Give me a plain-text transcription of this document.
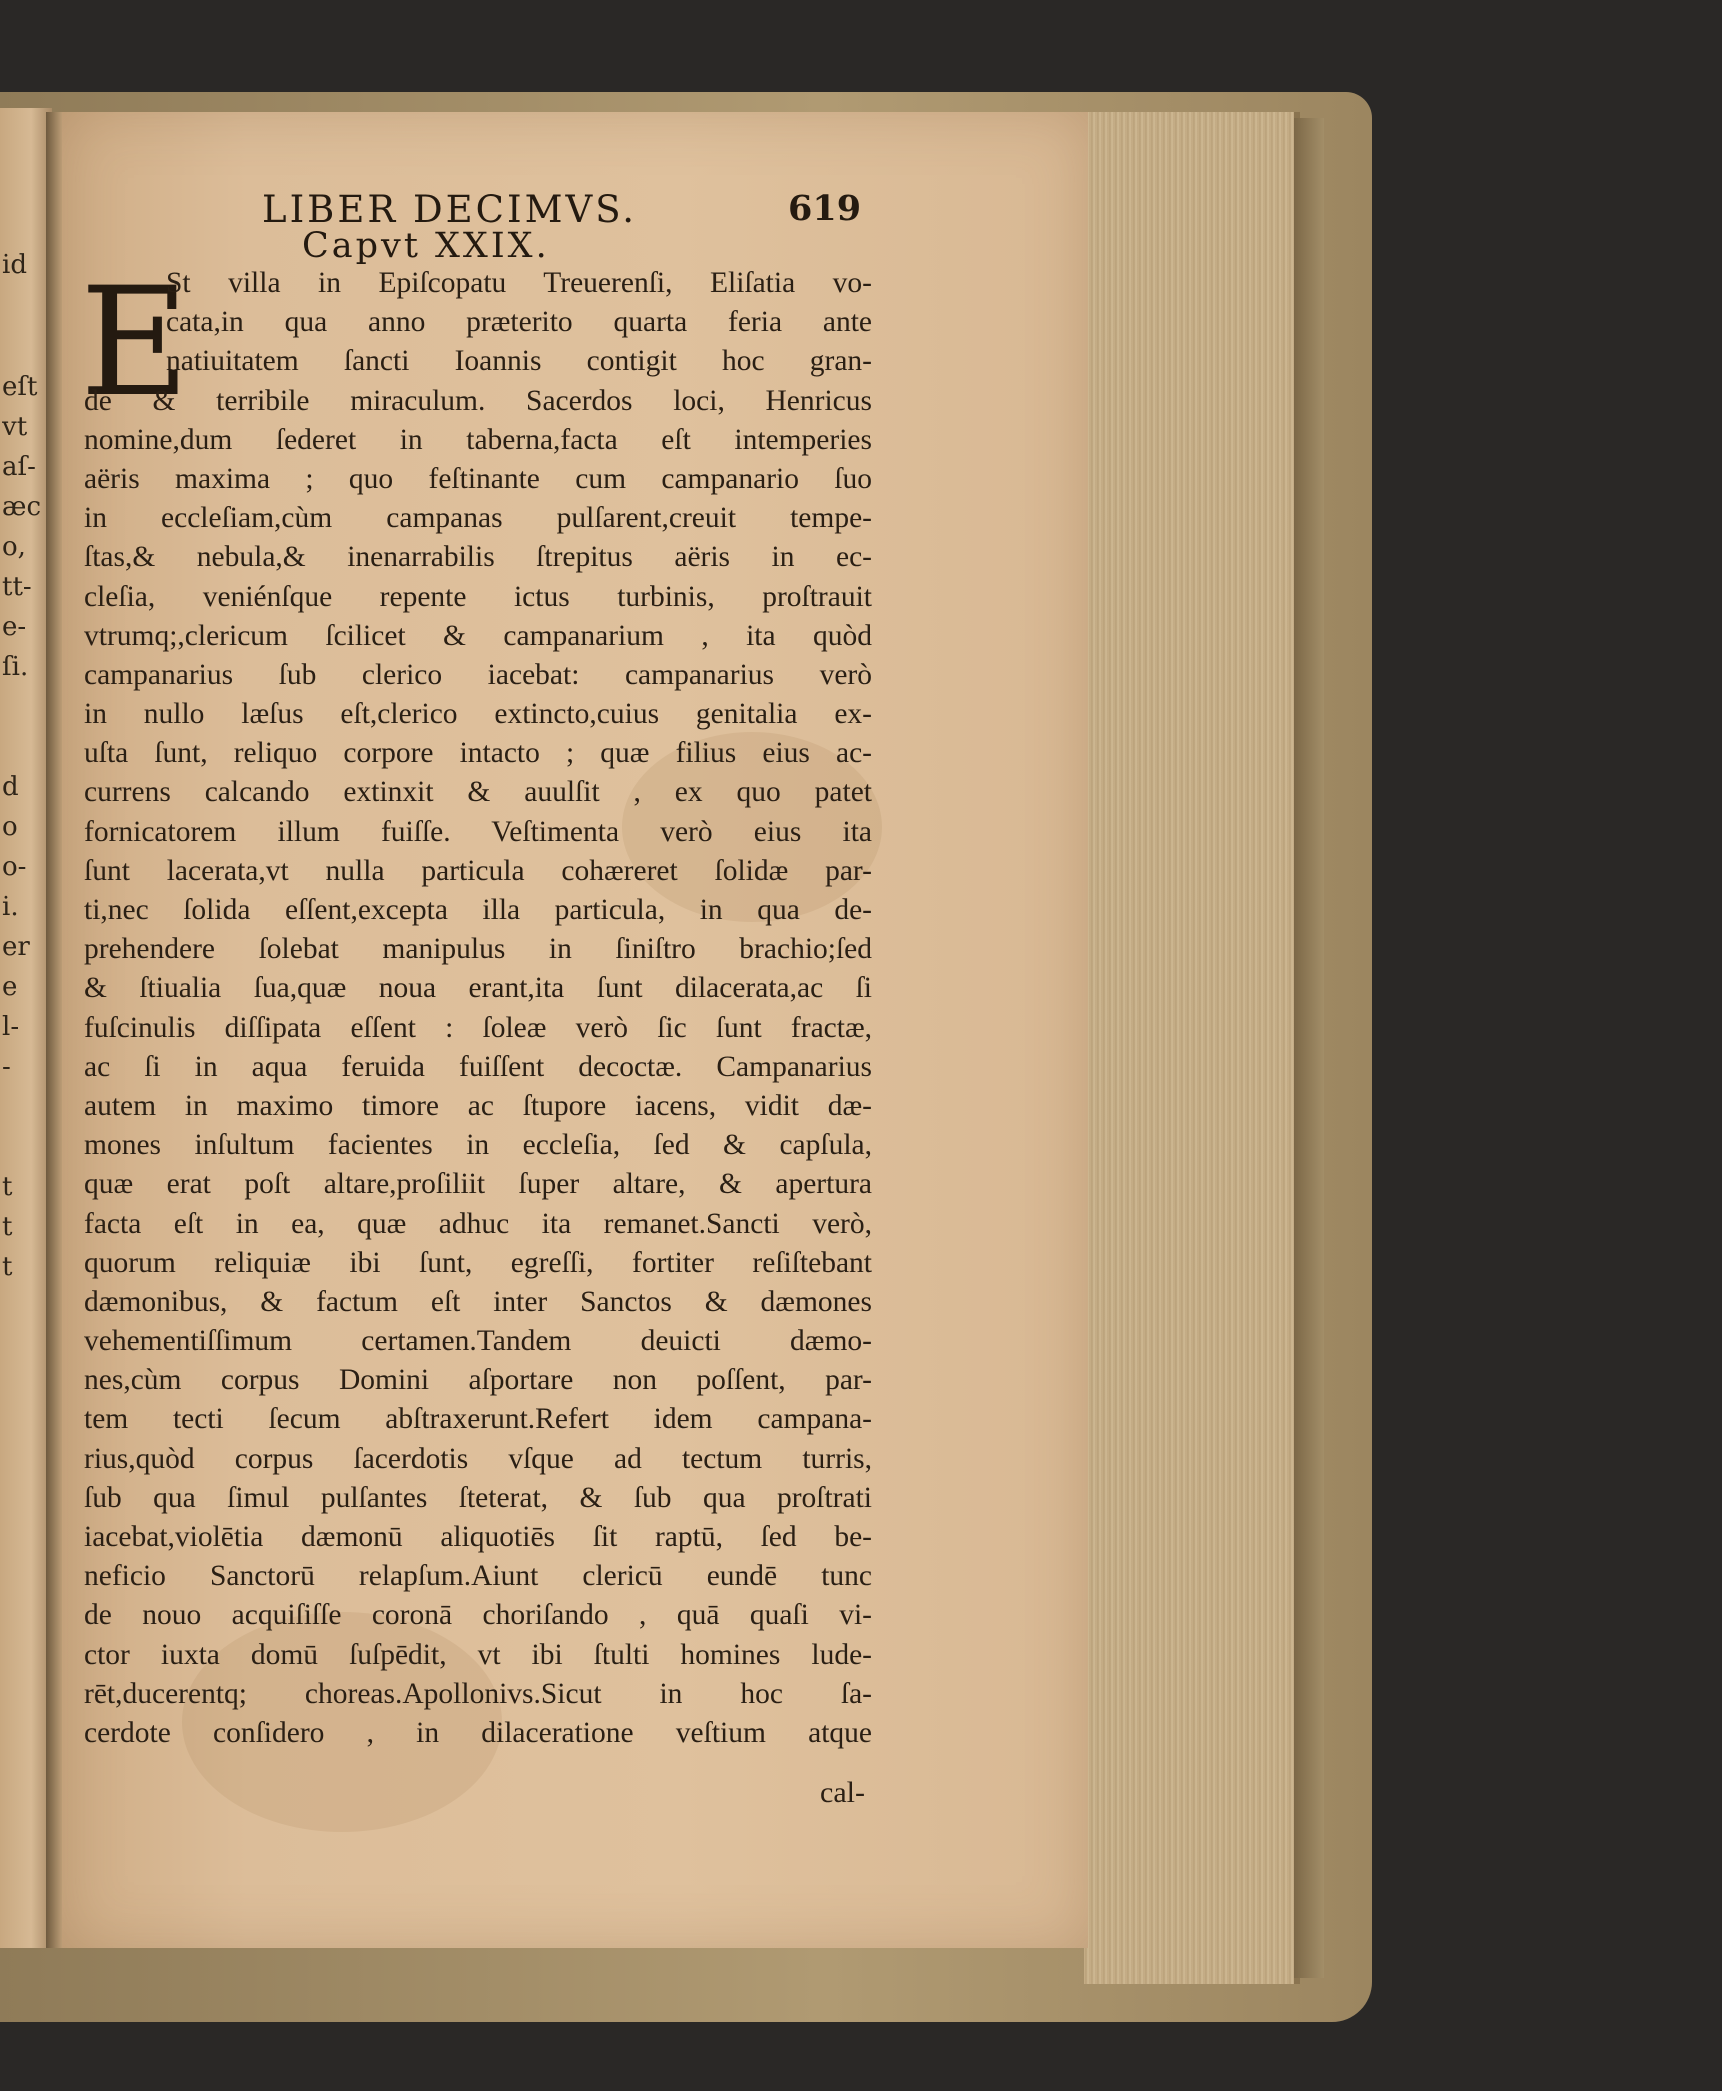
id
eſt
vt
aſ-
æc
o,
tt-
e-
ſi.
d
o
o-
i.
er
e
l-
-
t
t
t
LIBER DECIMVS.	619
Capvt XXIX.
E
St villa in Epiſcopatu Treuerenſi, Eliſatia vo-
cata,in qua anno præterito quarta feria ante
natiuitatem ſancti Ioannis contigit hoc gran-
de & terribile miraculum. Sacerdos loci, Henricus
nomine,dum ſederet in taberna,facta eſt intemperies
aëris maxima ; quo feſtinante cum campanario ſuo
in eccleſiam,cùm campanas pulſarent,creuit tempe-
ſtas,& nebula,& inenarrabilis ſtrepitus aëris in ec-
cleſia, veniénſque repente ictus turbinis, proſtrauit
vtrumq;,clericum ſcilicet & campanarium , ita quòd
campanarius ſub clerico iacebat: campanarius verò
in nullo læſus eſt,clerico extincto,cuius genitalia ex-
uſta ſunt, reliquo corpore intacto ; quæ filius eius ac-
currens calcando extinxit & auulſit , ex quo patet
fornicatorem illum fuiſſe. Veſtimenta verò eius ita
ſunt lacerata,vt nulla particula cohæreret ſolidæ par-
ti,nec ſolida eſſent,excepta illa particula, in qua de-
prehendere ſolebat manipulus in ſiniſtro brachio;ſed
& ſtiualia ſua,quæ noua erant,ita ſunt dilacerata,ac ſi
fuſcinulis diſſipata eſſent : ſoleæ verò ſic ſunt fractæ,
ac ſi in aqua feruida fuiſſent decoctæ. Campanarius
autem in maximo timore ac ſtupore iacens, vidit dæ-
mones inſultum facientes in eccleſia, ſed & capſula,
quæ erat poſt altare,proſiliit ſuper altare, & apertura
facta eſt in ea, quæ adhuc ita remanet.Sancti verò,
quorum reliquiæ ibi ſunt, egreſſi, fortiter reſiſtebant
dæmonibus, & factum eſt inter Sanctos & dæmones
vehementiſſimum certamen.Tandem deuicti dæmo-
nes,cùm corpus Domini aſportare non poſſent, par-
tem tecti ſecum abſtraxerunt.Refert idem campana-
rius,quòd corpus ſacerdotis vſque ad tectum turris,
ſub qua ſimul pulſantes ſteterat, & ſub qua proſtrati
iacebat,violētia dæmonū aliquotiēs ſit raptū, ſed be-
neficio Sanctorū relapſum.Aiunt clericū eundē tunc
de nouo acquiſiſſe coronā choriſando , quā quaſi vi-
ctor iuxta domū ſuſpēdit, vt ibi ſtulti homines lude-
rēt,ducerentq; choreas.Apollonivs.Sicut in hoc ſa-
cerdote conſidero , in dilaceratione veſtium atque
cal-
